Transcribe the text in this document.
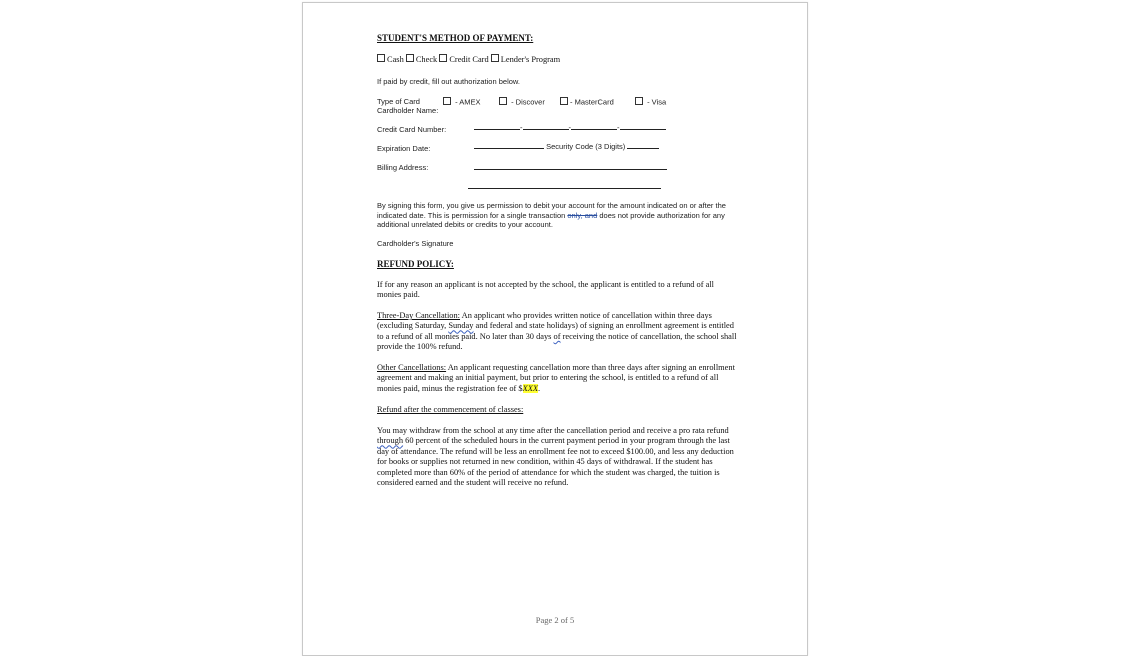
STUDENT'S METHOD OF PAYMENT:
Cash Check Credit Card Lender's Program
If paid by credit, fill out authorization below.
Type of Card	- AMEX	- Discover	- MasterCard	- Visa
Cardholder Name:
Credit Card Number:	-	-	-
Expiration Date:	Security Code (3 Digits)
Billing Address:
By signing this form, you give us permission to debit your account for the amount indicated on or after the indicated date. This is permission for a single transaction only, and does not provide authorization for any additional unrelated debits or credits to your account.
Cardholder's Signature
REFUND POLICY:
If for any reason an applicant is not accepted by the school, the applicant is entitled to a refund of all monies paid.
Three-Day Cancellation: An applicant who provides written notice of cancellation within three days (excluding Saturday, Sunday and federal and state holidays) of signing an enrollment agreement is entitled to a refund of all monies paid. No later than 30 days of receiving the notice of cancellation, the school shall provide the 100% refund.
Other Cancellations: An applicant requesting cancellation more than three days after signing an enrollment agreement and making an initial payment, but prior to entering the school, is entitled to a refund of all monies paid, minus the registration fee of $XXX.
Refund after the commencement of classes:
You may withdraw from the school at any time after the cancellation period and receive a pro rata refund through 60 percent of the scheduled hours in the current payment period in your program through the last day of attendance. The refund will be less an enrollment fee not to exceed $100.00, and less any deduction for books or supplies not returned in new condition, within 45 days of withdrawal. If the student has completed more than 60% of the period of attendance for which the student was charged, the tuition is considered earned and the student will receive no refund.
Page 2 of 5
